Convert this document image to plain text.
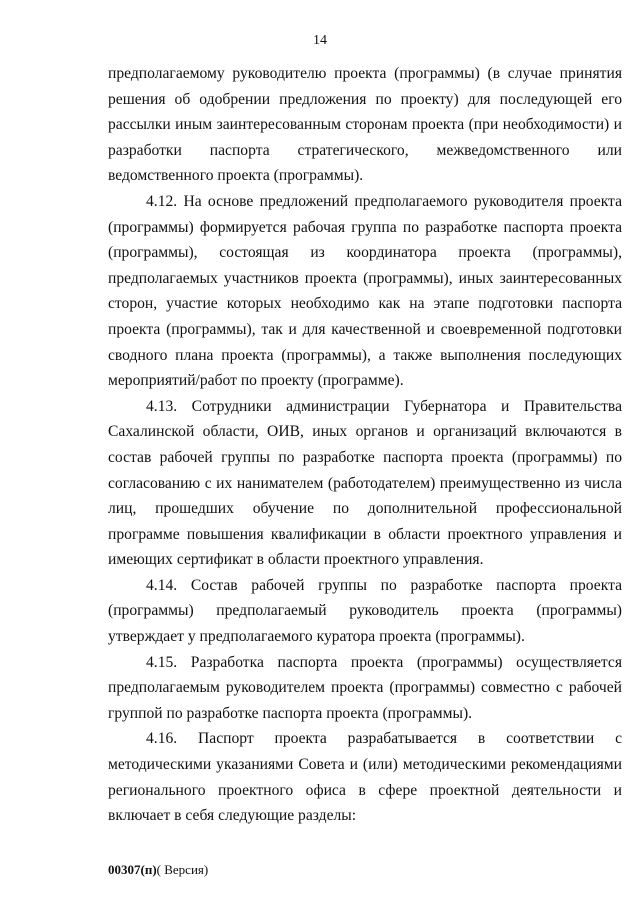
14

предполагаемому руководителю проекта (программы) (в случае принятия решения об одобрении предложения по проекту) для последующей его рассылки иным заинтересованным сторонам проекта (при необходимости) и разработки паспорта стратегического, межведомственного или ведомственного проекта (программы).

4.12. На основе предложений предполагаемого руководителя проекта (программы) формируется рабочая группа по разработке паспорта проекта (программы), состоящая из координатора проекта (программы), предполагаемых участников проекта (программы), иных заинтересованных сторон, участие которых необходимо как на этапе подготовки паспорта проекта (программы), так и для качественной и своевременной подготовки сводного плана проекта (программы), а также выполнения последующих мероприятий/работ по проекту (программе).

4.13. Сотрудники администрации Губернатора и Правительства Сахалинской области, ОИВ, иных органов и организаций включаются в состав рабочей группы по разработке паспорта проекта (программы) по согласованию с их нанимателем (работодателем) преимущественно из числа лиц, прошедших обучение по дополнительной профессиональной программе повышения квалификации в области проектного управления и имеющих сертификат в области проектного управления.

4.14. Состав рабочей группы по разработке паспорта проекта (программы) предполагаемый руководитель проекта (программы) утверждает у предполагаемого куратора проекта (программы).

4.15. Разработка паспорта проекта (программы) осуществляется предполагаемым руководителем проекта (программы) совместно с рабочей группой по разработке паспорта проекта (программы).

4.16. Паспорт проекта разрабатывается в соответствии с методическими указаниями Совета и (или) методическими рекомендациями регионального проектного офиса в сфере проектной деятельности и включает в себя следующие разделы:

00307(п)( Версия)
